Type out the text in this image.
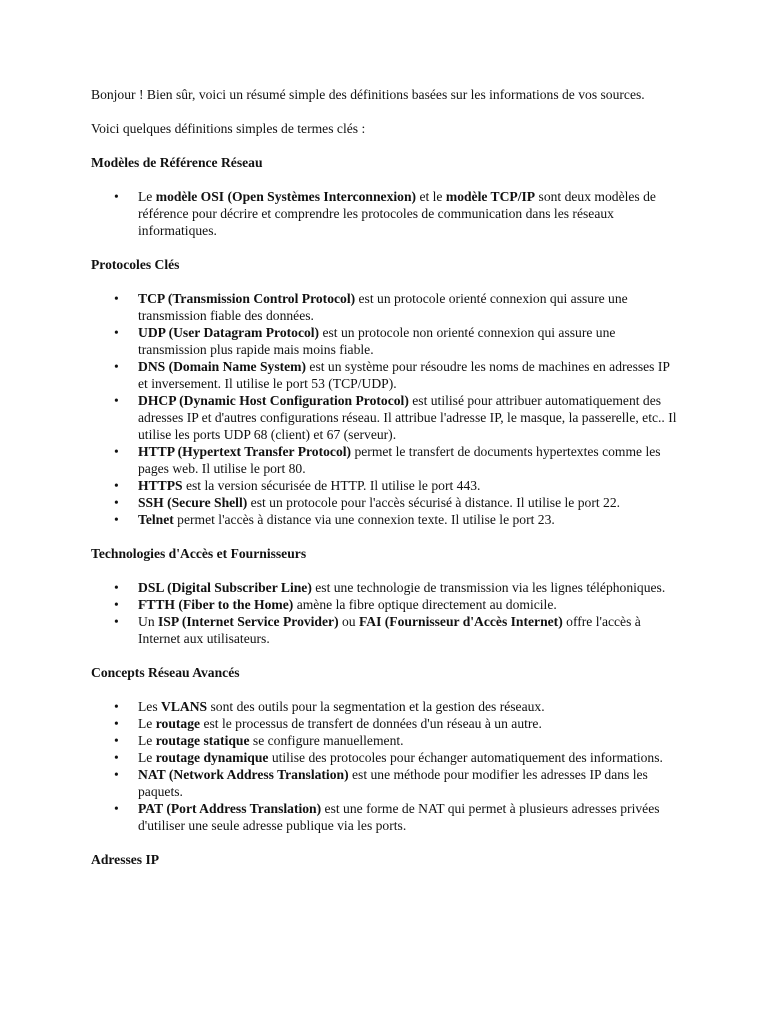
Bonjour ! Bien sûr, voici un résumé simple des définitions basées sur les informations de vos sources.

Voici quelques définitions simples de termes clés :

Modèles de Référence Réseau
• Le modèle OSI (Open Systèmes Interconnexion) et le modèle TCP/IP sont deux modèles de référence pour décrire et comprendre les protocoles de communication dans les réseaux informatiques.
Protocoles Clés
• TCP (Transmission Control Protocol) est un protocole orienté connexion qui assure une transmission fiable des données.
• UDP (User Datagram Protocol) est un protocole non orienté connexion qui assure une transmission plus rapide mais moins fiable.
• DNS (Domain Name System) est un système pour résoudre les noms de machines en adresses IP et inversement. Il utilise le port 53 (TCP/UDP).
• DHCP (Dynamic Host Configuration Protocol) est utilisé pour attribuer automatiquement des adresses IP et d'autres configurations réseau. Il attribue l'adresse IP, le masque, la passerelle, etc.. Il utilise les ports UDP 68 (client) et 67 (serveur).
• HTTP (Hypertext Transfer Protocol) permet le transfert de documents hypertextes comme les pages web. Il utilise le port 80.
• HTTPS est la version sécurisée de HTTP. Il utilise le port 443.
• SSH (Secure Shell) est un protocole pour l'accès sécurisé à distance. Il utilise le port 22.
• Telnet permet l'accès à distance via une connexion texte. Il utilise le port 23.
Technologies d'Accès et Fournisseurs
• DSL (Digital Subscriber Line) est une technologie de transmission via les lignes téléphoniques.
• FTTH (Fiber to the Home) amène la fibre optique directement au domicile.
• Un ISP (Internet Service Provider) ou FAI (Fournisseur d'Accès Internet) offre l'accès à Internet aux utilisateurs.
Concepts Réseau Avancés
• Les VLANS sont des outils pour la segmentation et la gestion des réseaux.
• Le routage est le processus de transfert de données d'un réseau à un autre.
• Le routage statique se configure manuellement.
• Le routage dynamique utilise des protocoles pour échanger automatiquement des informations.
• NAT (Network Address Translation) est une méthode pour modifier les adresses IP dans les paquets.
• PAT (Port Address Translation) est une forme de NAT qui permet à plusieurs adresses privées d'utiliser une seule adresse publique via les ports.
Adresses IP
